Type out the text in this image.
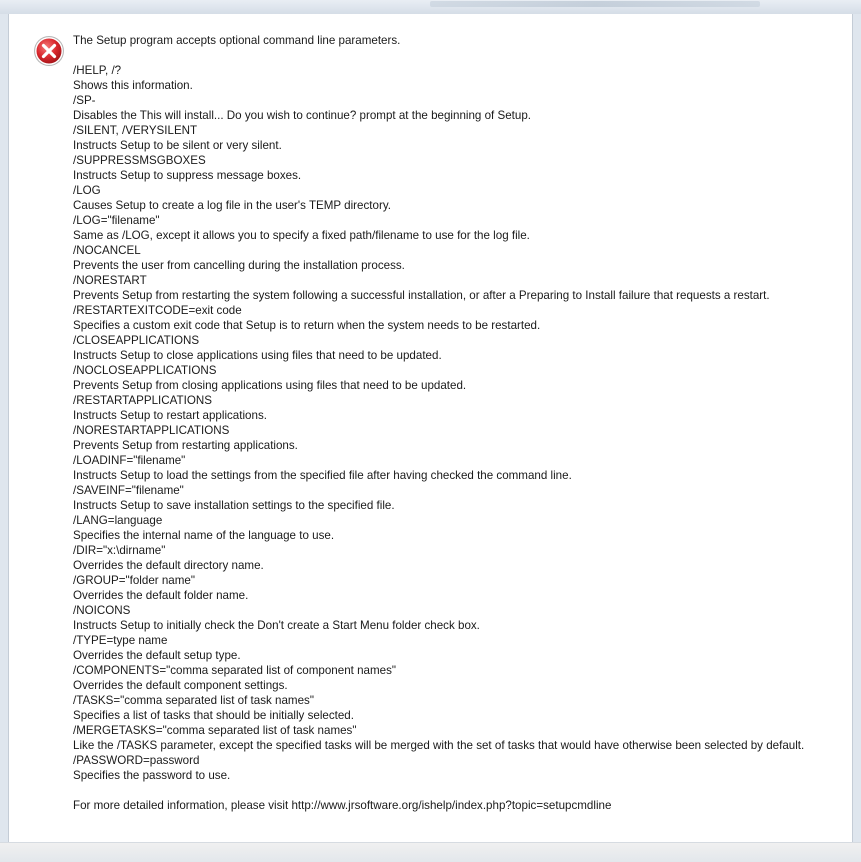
The Setup program accepts optional command line parameters.
/HELP, /?
Shows this information.
/SP-
Disables the This will install... Do you wish to continue? prompt at the beginning of Setup.
/SILENT, /VERYSILENT
Instructs Setup to be silent or very silent.
/SUPPRESSMSGBOXES
Instructs Setup to suppress message boxes.
/LOG
Causes Setup to create a log file in the user's TEMP directory.
/LOG="filename"
Same as /LOG, except it allows you to specify a fixed path/filename to use for the log file.
/NOCANCEL
Prevents the user from cancelling during the installation process.
/NORESTART
Prevents Setup from restarting the system following a successful installation, or after a Preparing to Install failure that requests a restart.
/RESTARTEXITCODE=exit code
Specifies a custom exit code that Setup is to return when the system needs to be restarted.
/CLOSEAPPLICATIONS
Instructs Setup to close applications using files that need to be updated.
/NOCLOSEAPPLICATIONS
Prevents Setup from closing applications using files that need to be updated.
/RESTARTAPPLICATIONS
Instructs Setup to restart applications.
/NORESTARTAPPLICATIONS
Prevents Setup from restarting applications.
/LOADINF="filename"
Instructs Setup to load the settings from the specified file after having checked the command line.
/SAVEINF="filename"
Instructs Setup to save installation settings to the specified file.
/LANG=language
Specifies the internal name of the language to use.
/DIR="x:\dirname"
Overrides the default directory name.
/GROUP="folder name"
Overrides the default folder name.
/NOICONS
Instructs Setup to initially check the Don't create a Start Menu folder check box.
/TYPE=type name
Overrides the default setup type.
/COMPONENTS="comma separated list of component names"
Overrides the default component settings.
/TASKS="comma separated list of task names"
Specifies a list of tasks that should be initially selected.
/MERGETASKS="comma separated list of task names"
Like the /TASKS parameter, except the specified tasks will be merged with the set of tasks that would have otherwise been selected by default.
/PASSWORD=password
Specifies the password to use.
For more detailed information, please visit http://www.jrsoftware.org/ishelp/index.php?topic=setupcmdline
